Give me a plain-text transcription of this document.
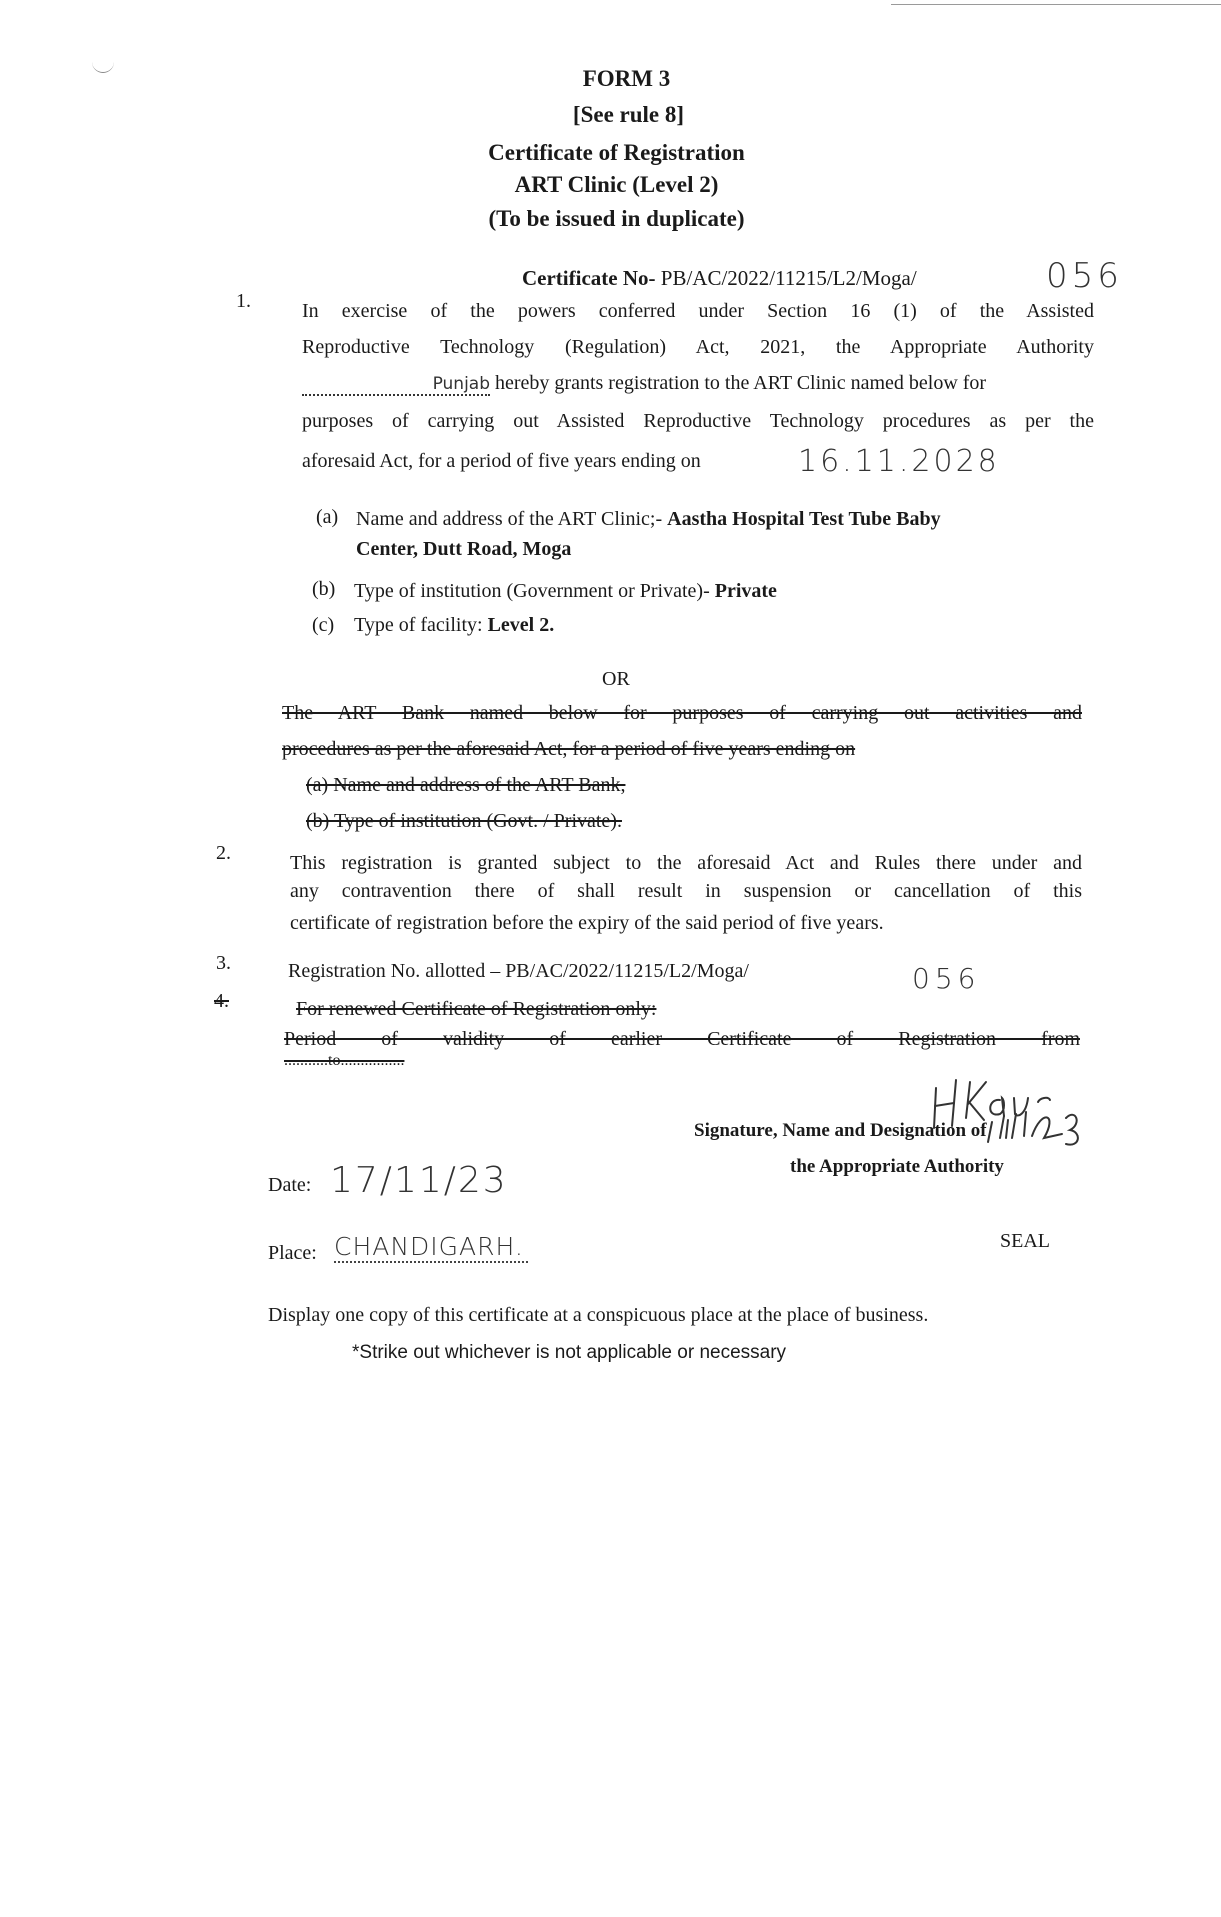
FORM 3
[See rule 8]
Certificate of Registration
ART Clinic (Level 2)
(To be issued in duplicate)
Certificate No- PB/AC/2022/11215/L2/Moga/	056
1.	In exercise of the powers conferred under Section 16 (1) of the Assisted
Reproductive Technology (Regulation) Act, 2021, the Appropriate Authority
Punjab hereby grants registration to the ART Clinic named below for
purposes of carrying out Assisted Reproductive Technology procedures as per the
aforesaid Act, for a period of five years ending on	16.11.2028
(a) Name and address of the ART Clinic;- Aastha Hospital Test Tube Baby
Center, Dutt Road, Moga
(b) Type of institution (Government or Private)- Private
(c) Type of facility: Level 2.
OR
The ART Bank named below for purposes of carrying out activities and
procedures as per the aforesaid Act, for a period of five years ending on
(a) Name and address of the ART Bank,
(b) Type of institution (Govt. / Private).
2.	This registration is granted subject to the aforesaid Act and Rules there under and
any contravention there of shall result in suspension or cancellation of this
certificate of registration before the expiry of the said period of five years.
3.	Registration No. allotted – PB/AC/2022/11215/L2/Moga/	056
4.	For renewed Certificate of Registration only:
Period of validity of earlier Certificate of Registration from
...........to................
Signature, Name and Designation of
the Appropriate Authority
Date: 17/11/23
Place: CHANDIGARH.	SEAL
Display one copy of this certificate at a conspicuous place at the place of business.
*Strike out whichever is not applicable or necessary
